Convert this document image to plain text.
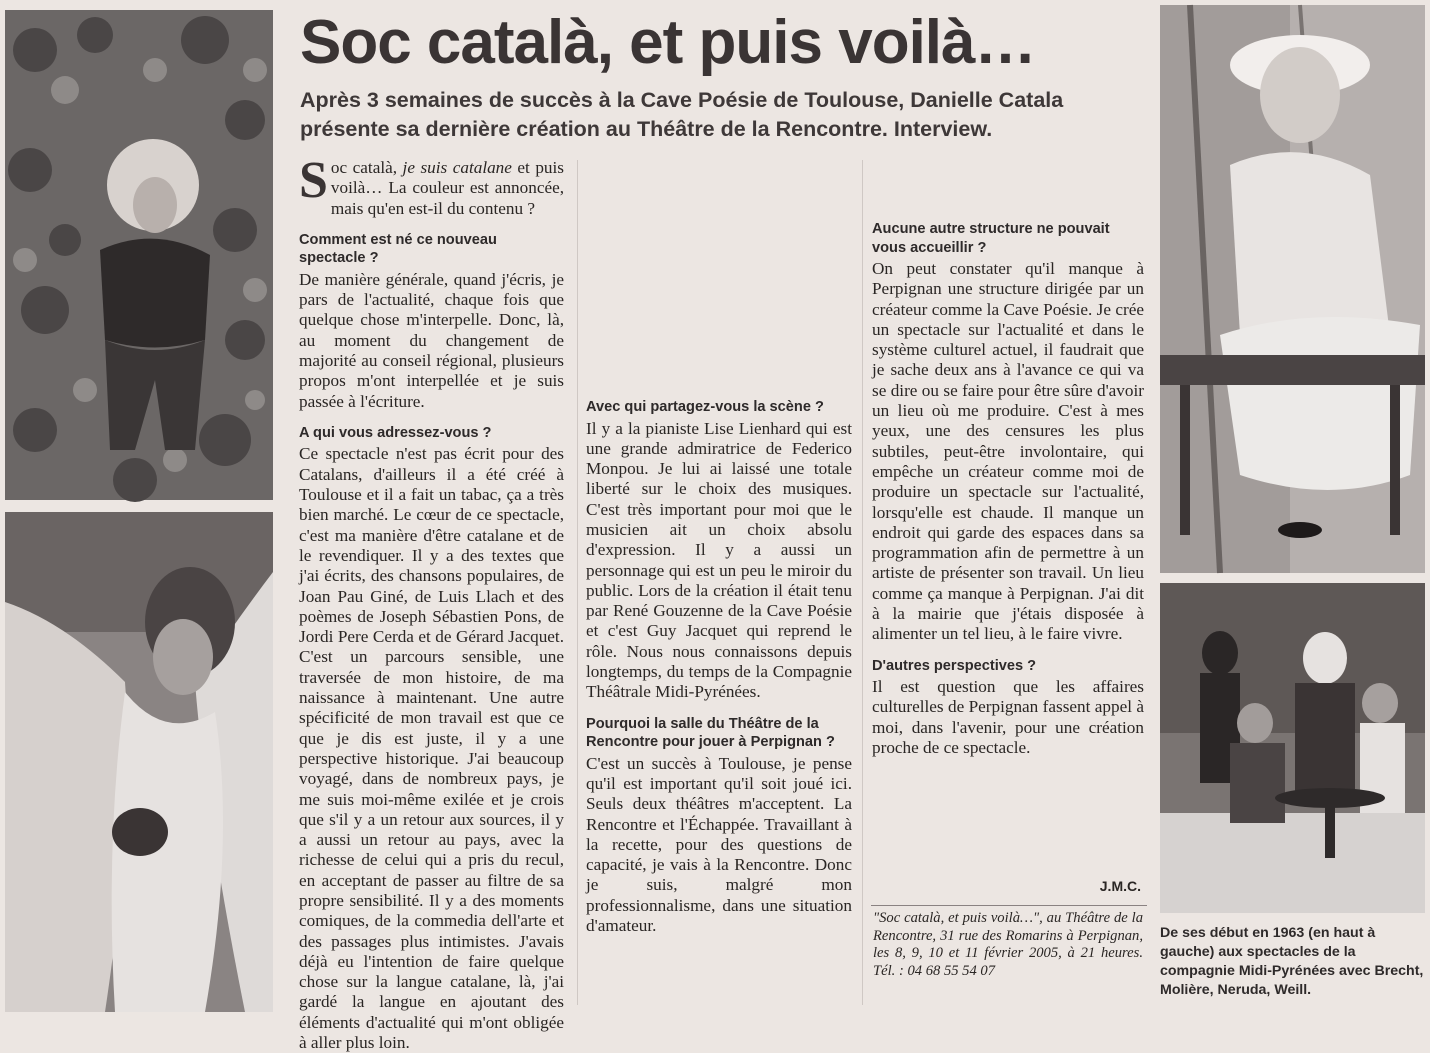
Soc català, et puis voilà…
Après 3 semaines de succès à la Cave Poésie de Toulouse, Danielle Catala présente sa dernière création au Théâtre de la Rencontre. Interview.

Soc català, je suis catalane et puis voilà… La couleur est annoncée, mais qu'en est-il du contenu ?

Comment est né ce nouveau spectacle ?

De manière générale, quand j'écris, je pars de l'actualité, chaque fois que quelque chose m'interpelle. Donc, là, au moment du changement de majorité au conseil régional, plusieurs propos m'ont interpellée et je suis passée à l'écriture.

A qui vous adressez-vous ?

Ce spectacle n'est pas écrit pour des Catalans, d'ailleurs il a été créé à Toulouse et il a fait un tabac, ça a très bien marché. Le cœur de ce spectacle, c'est ma manière d'être catalane et de le revendiquer. Il y a des textes que j'ai écrits, des chansons populaires, de Joan Pau Giné, de Luis Llach et des poèmes de Joseph Sébastien Pons, de Jordi Pere Cerda et de Gérard Jacquet. C'est un parcours sensible, une traversée de mon histoire, de ma naissance à maintenant. Une autre spécificité de mon travail est que ce que je dis est juste, il y a une perspective historique. J'ai beaucoup voyagé, dans de nombreux pays, je me suis moi-même exilée et je crois que s'il y a un retour aux sources, il y a aussi un retour au pays, avec la richesse de celui qui a pris du recul, en acceptant de passer au filtre de sa propre sensibilité. Il y a des moments comiques, de la commedia dell'arte et des passages plus intimistes. J'avais déjà eu l'intention de faire quelque chose sur la langue catalane, là, j'ai gardé la langue en ajoutant des éléments d'actualité qui m'ont obligée à aller plus loin.

Avec qui partagez-vous la scène ?

Il y a la pianiste Lise Lienhard qui est une grande admiratrice de Federico Monpou. Je lui ai laissé une totale liberté sur le choix des musiques. C'est très important pour moi que le musicien ait un choix absolu d'expression. Il y a aussi un personnage qui est un peu le miroir du public. Lors de la création il était tenu par René Gouzenne de la Cave Poésie et c'est Guy Jacquet qui reprend le rôle. Nous nous connaissons depuis longtemps, du temps de la Compagnie Théâtrale Midi-Pyrénées.

Pourquoi la salle du Théâtre de la Rencontre pour jouer à Perpignan ?

C'est un succès à Toulouse, je pense qu'il est important qu'il soit joué ici. Seuls deux théâtres m'acceptent. La Rencontre et l'Échappée. Travaillant à la recette, pour des questions de capacité, je vais à la Rencontre. Donc je suis, malgré mon professionnalisme, dans une situation d'amateur.

Aucune autre structure ne pouvait vous accueillir ?

On peut constater qu'il manque à Perpignan une structure dirigée par un créateur comme la Cave Poésie. Je crée un spectacle sur l'actualité et dans le système culturel actuel, il faudrait que je sache deux ans à l'avance ce qui va se dire ou se faire pour être sûre d'avoir un lieu où me produire. C'est à mes yeux, une des censures les plus subtiles, peut-être involontaire, qui empêche un créateur comme moi de produire un spectacle sur l'actualité, lorsqu'elle est chaude. Il manque un endroit qui garde des espaces dans sa programmation afin de permettre à un artiste de présenter son travail. Un lieu comme ça manque à Perpignan. J'ai dit à la mairie que j'étais disposée à alimenter un tel lieu, à le faire vivre.

D'autres perspectives ?

Il est question que les affaires culturelles de Perpignan fassent appel à moi, dans l'avenir, pour une création proche de ce spectacle.

J.M.C.
"Soc català, et puis voilà…", au Théâtre de la Rencontre, 31 rue des Romarins à Perpignan, les 8, 9, 10 et 11 février 2005, à 21 heures. Tél. : 04 68 55 54 07
De ses début en 1963 (en haut à gauche) aux spectacles de la compagnie Midi-Pyrénées avec Brecht, Molière, Neruda, Weill.
